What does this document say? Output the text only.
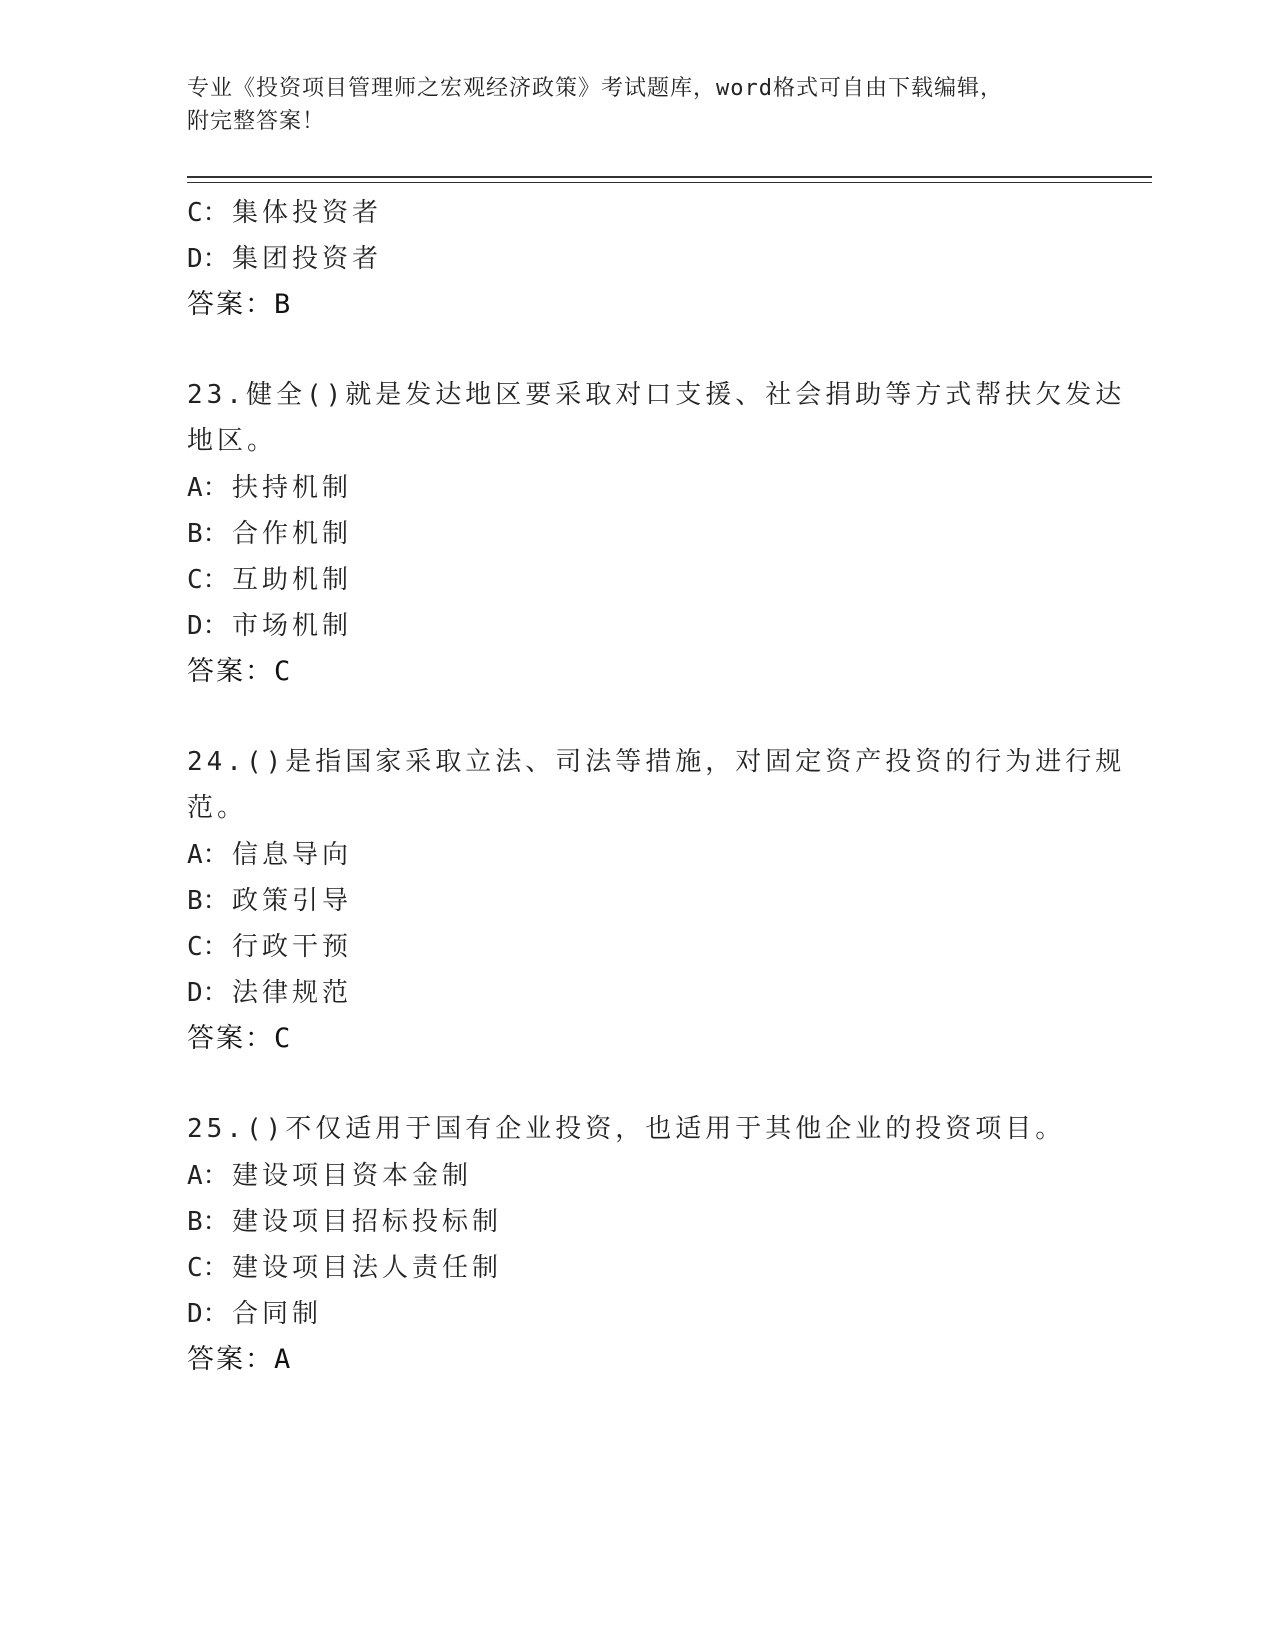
专业《投资项目管理师之宏观经济政策》考试题库，word格式可自由下载编辑，
附完整答案！
C： 集体投资者
D： 集团投资者
答案：B
23.健全()就是发达地区要采取对口支援、社会捐助等方式帮扶欠发达
地区。
A： 扶持机制
B： 合作机制
C： 互助机制
D： 市场机制
答案：C
24.()是指国家采取立法、司法等措施，对固定资产投资的行为进行规
范。
A： 信息导向
B： 政策引导
C： 行政干预
D： 法律规范
答案：C
25.()不仅适用于国有企业投资，也适用于其他企业的投资项目。
A： 建设项目资本金制
B： 建设项目招标投标制
C： 建设项目法人责任制
D： 合同制
答案：A
